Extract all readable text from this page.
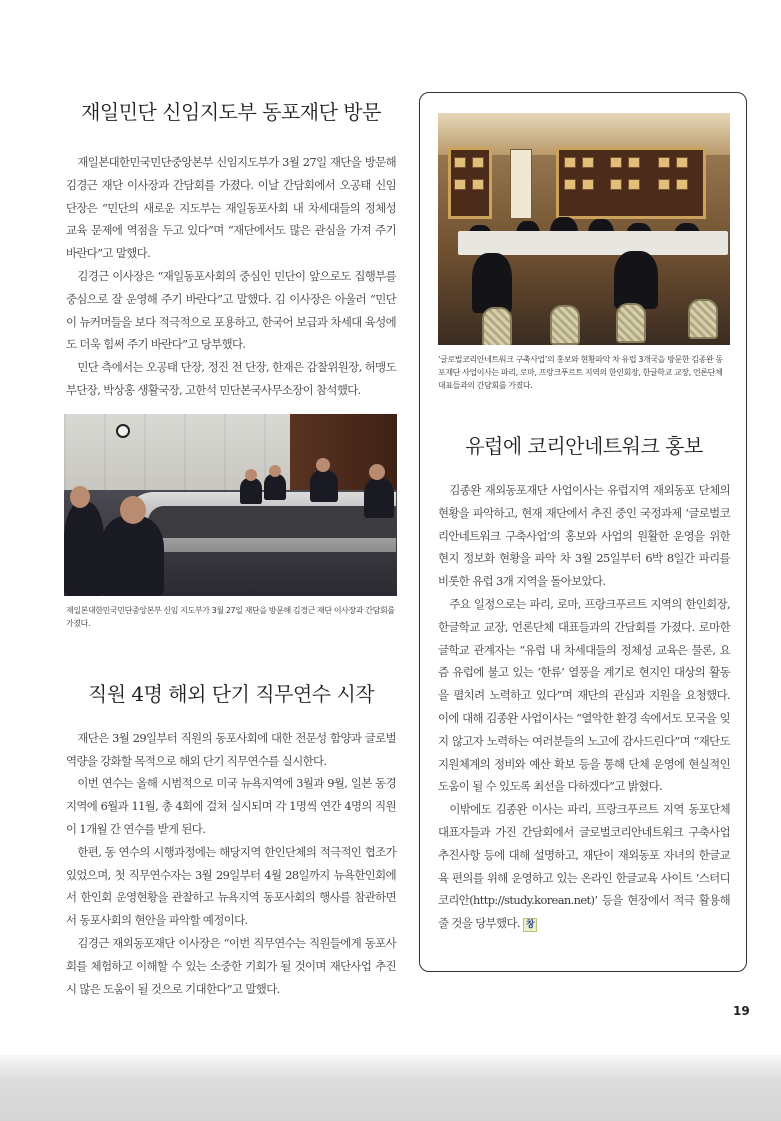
재일민단 신임지도부 동포재단 방문

재일본대한민국민단중앙본부 신임지도부가 3월 27일 재단을 방문해 김경근 재단 이사장과 간담회를 가졌다. 이날 간담회에서 오공태 신임 단장은 “민단의 새로운 지도부는 재일동포사회 내 차세대들의 정체성 교육 문제에 역점을 두고 있다”며 “재단에서도 많은 관심을 가져 주기 바란다”고 말했다.

김경근 이사장은 “재일동포사회의 중심인 민단이 앞으로도 집행부를 중심으로 잘 운영해 주기 바란다”고 말했다. 김 이사장은 아울러 “민단이 뉴커머들을 보다 적극적으로 포용하고, 한국어 보급과 차세대 육성에도 더욱 힘써 주기 바란다”고 당부했다.

민단 측에서는 오공태 단장, 정진 전 단장, 한재은 감찰위원장, 허맹도 부단장, 박상홍 생활국장, 고한석 민단본국사무소장이 참석했다.

재일본대한민국민단중앙본부 신임 지도부가 3월 27일 재단을 방문해 김경근 재단 이사장과 간담회를 가졌다.

직원 4명 해외 단기 직무연수 시작

재단은 3월 29일부터 직원의 동포사회에 대한 전문성 함양과 글로벌 역량을 강화할 목적으로 해외 단기 직무연수를 실시한다.

이번 연수는 올해 시범적으로 미국 뉴욕지역에 3월과 9월, 일본 동경지역에 6월과 11월, 총 4회에 걸쳐 실시되며 각 1명씩 연간 4명의 직원이 1개월 간 연수를 받게 된다.

한편, 동 연수의 시행과정에는 해당지역 한인단체의 적극적인 협조가 있었으며, 첫 직무연수자는 3월 29일부터 4월 28일까지 뉴욕한인회에서 한인회 운영현황을 관찰하고 뉴욕지역 동포사회의 행사를 참관하면서 동포사회의 현안을 파악할 예정이다.

김경근 재외동포재단 이사장은 “이번 직무연수는 직원들에게 동포사회를 체험하고 이해할 수 있는 소중한 기회가 될 것이며 재단사업 추진 시 많은 도움이 될 것으로 기대한다”고 말했다.

‘글로벌코리안네트워크 구축사업’의 홍보와 현황파악 차 유럽 3개국을 방문한 김종완 동포재단 사업이사는 파리, 로마, 프랑크푸르트 지역의 한인회장, 한글학교 교장, 언론단체 대표들과의 간담회를 가졌다.

유럽에 코리안네트워크 홍보

김종완 재외동포재단 사업이사는 유럽지역 재외동포 단체의 현황을 파악하고, 현재 재단에서 추진 중인 국정과제 ‘글로벌코리안네트워크 구축사업’의 홍보와 사업의 원활한 운영을 위한 현지 정보화 현황을 파악 차 3월 25일부터 6박 8일간 파리를 비롯한 유럽 3개 지역을 돌아보았다.

주요 일정으로는 파리, 로마, 프랑크푸르트 지역의 한인회장, 한글학교 교장, 언론단체 대표들과의 간담회를 가졌다. 로마한글학교 관계자는 “유럽 내 차세대들의 정체성 교육은 물론, 요즘 유럽에 불고 있는 ‘한류’ 열풍을 계기로 현지인 대상의 활동을 펼치려 노력하고 있다”며 재단의 관심과 지원을 요청했다. 이에 대해 김종완 사업이사는 “열악한 환경 속에서도 모국을 잊지 않고자 노력하는 여러분들의 노고에 감사드린다”며 “재단도 지원체계의 정비와 예산 확보 등을 통해 단체 운영에 현실적인 도움이 될 수 있도록 최선을 다하겠다”고 밝혔다.

이밖에도 김종완 이사는 파리, 프랑크푸르트 지역 동포단체대표자들과 가진 간담회에서 글로벌코리안네트워크 구축사업 추진사항 등에 대해 설명하고, 재단이 재외동포 자녀의 한글교육 편의를 위해 운영하고 있는 온라인 한글교육 사이트 ‘스터디 코리안(http://study.korean.net)’ 등을 현장에서 적극 활용해 줄 것을 당부했다. 창

19
